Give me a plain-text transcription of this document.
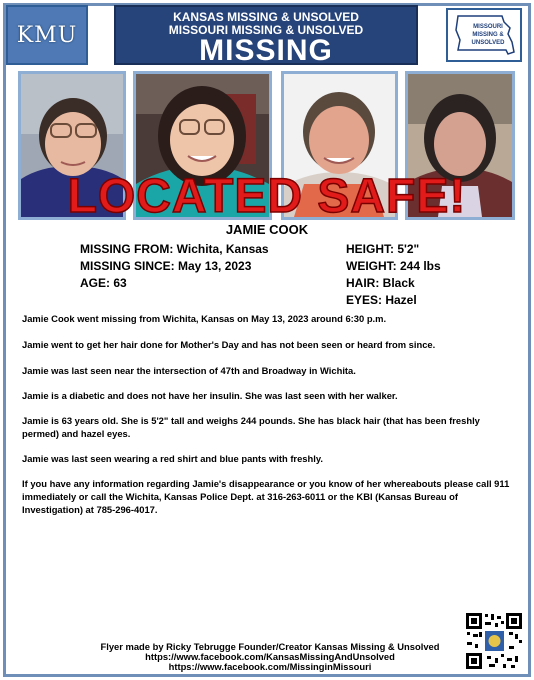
KMU
KANSAS MISSING & UNSOLVED
MISSOURI MISSING & UNSOLVED
MISSING
MISSOURI
MISSING &
UNSOLVED
LOCATED SAFE!
JAMIE COOK
MISSING FROM: Wichita, Kansas
MISSING SINCE: May 13, 2023
AGE: 63
HEIGHT: 5'2"
WEIGHT: 244 lbs
HAIR: Black
EYES: Hazel
Jamie Cook went missing from Wichita, Kansas on May 13, 2023 around 6:30 p.m.
Jamie went to get her hair done for Mother's Day and has not been seen or heard from since.
Jamie was last seen near the intersection of 47th and Broadway in Wichita.
Jamie is a diabetic and does not have her insulin. She was last seen with her walker.
Jamie is 63 years old. She is 5'2" tall and weighs 244 pounds. She has black hair (that has been freshly permed) and hazel eyes.
Jamie was last seen wearing a red shirt and blue pants with freshly.
If you have any information regarding Jamie's disappearance or you know of her whereabouts please call 911 immediately or call the Wichita, Kansas Police Dept. at 316-263-6011 or the KBI (Kansas Bureau of Investigation) at 785-296-4017.
Flyer made by Ricky Tebrugge Founder/Creator Kansas Missing & Unsolved
https://www.facebook.com/KansasMissingAndUnsolved
https://www.facebook.com/MissinginMissouri
